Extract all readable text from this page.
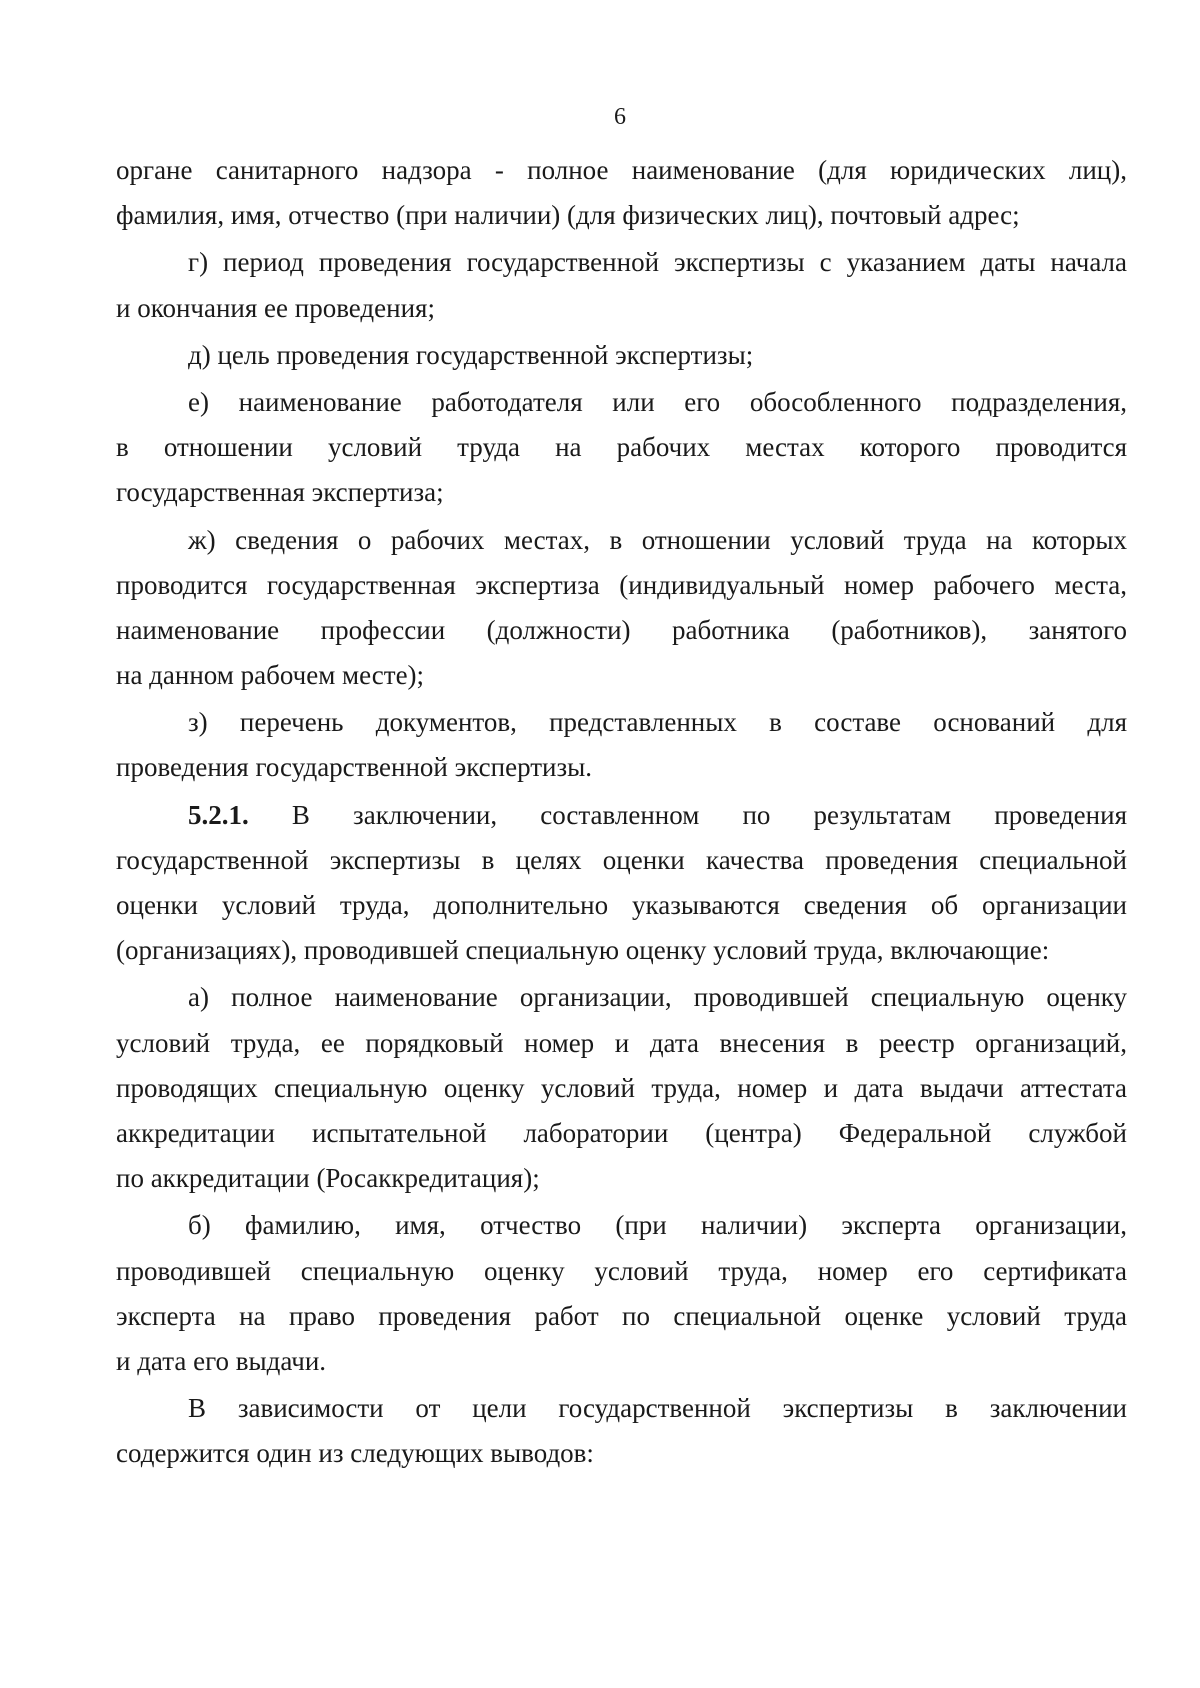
6
органе санитарного надзора - полное наименование (для юридических лиц),
фамилия, имя, отчество (при наличии) (для физических лиц), почтовый адрес;
г) период проведения государственной экспертизы с указанием даты начала
и окончания ее проведения;
д) цель проведения государственной экспертизы;
е) наименование работодателя или его обособленного подразделения,
в отношении условий труда на рабочих местах которого проводится
государственная экспертиза;
ж) сведения о рабочих местах, в отношении условий труда на которых
проводится государственная экспертиза (индивидуальный номер рабочего места,
наименование профессии (должности) работника (работников), занятого
на данном рабочем месте);
з) перечень документов, представленных в составе оснований для
проведения государственной экспертизы.
5.2.1. В заключении, составленном по результатам проведения
государственной экспертизы в целях оценки качества проведения специальной
оценки условий труда, дополнительно указываются сведения об организации
(организациях), проводившей специальную оценку условий труда, включающие:
а) полное наименование организации, проводившей специальную оценку
условий труда, ее порядковый номер и дата внесения в реестр организаций,
проводящих специальную оценку условий труда, номер и дата выдачи аттестата
аккредитации испытательной лаборатории (центра) Федеральной службой
по аккредитации (Росаккредитация);
б) фамилию, имя, отчество (при наличии) эксперта организации,
проводившей специальную оценку условий труда, номер его сертификата
эксперта на право проведения работ по специальной оценке условий труда
и дата его выдачи.
В зависимости от цели государственной экспертизы в заключении
содержится один из следующих выводов:
